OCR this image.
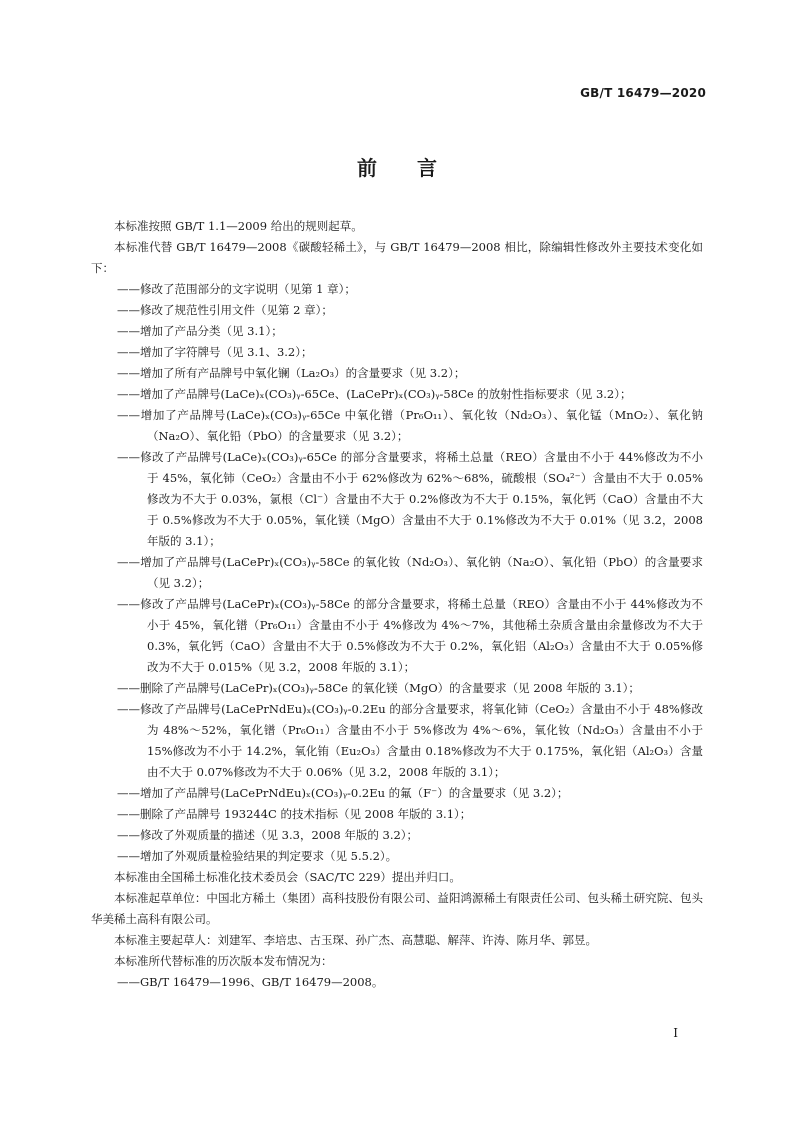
GB/T 16479—2020
前言

本标准按照 GB/T 1.1—2009 给出的规则起草。

本标准代替 GB/T 16479—2008《碳酸轻稀土》，与 GB/T 16479—2008 相比，除编辑性修改外主要技术变化如下：

——修改了范围部分的文字说明（见第 1 章）；

——修改了规范性引用文件（见第 2 章）；

——增加了产品分类（见 3.1）；

——增加了字符牌号（见 3.1、3.2）；

——增加了所有产品牌号中氧化镧（La₂O₃）的含量要求（见 3.2）；

——增加了产品牌号(LaCe)ₓ(CO₃)ᵧ-65Ce、(LaCePr)ₓ(CO₃)ᵧ-58Ce 的放射性指标要求（见 3.2）；

——增加了产品牌号(LaCe)ₓ(CO₃)ᵧ-65Ce 中氧化镨（Pr₆O₁₁）、氧化钕（Nd₂O₃）、氧化锰（MnO₂）、氧化钠（Na₂O）、氧化铅（PbO）的含量要求（见 3.2）；

——修改了产品牌号(LaCe)ₓ(CO₃)ᵧ-65Ce 的部分含量要求，将稀土总量（REO）含量由不小于 44%修改为不小于 45%，氧化铈（CeO₂）含量由不小于 62%修改为 62%～68%，硫酸根（SO₄²⁻）含量由不大于 0.05%修改为不大于 0.03%，氯根（Cl⁻）含量由不大于 0.2%修改为不大于 0.15%，氧化钙（CaO）含量由不大于 0.5%修改为不大于 0.05%，氧化镁（MgO）含量由不大于 0.1%修改为不大于 0.01%（见 3.2，2008 年版的 3.1）；

——增加了产品牌号(LaCePr)ₓ(CO₃)ᵧ-58Ce 的氧化钕（Nd₂O₃）、氧化钠（Na₂O）、氧化铅（PbO）的含量要求（见 3.2）；

——修改了产品牌号(LaCePr)ₓ(CO₃)ᵧ-58Ce 的部分含量要求，将稀土总量（REO）含量由不小于 44%修改为不小于 45%，氧化镨（Pr₆O₁₁）含量由不小于 4%修改为 4%～7%，其他稀土杂质含量由余量修改为不大于 0.3%，氧化钙（CaO）含量由不大于 0.5%修改为不大于 0.2%，氧化铝（Al₂O₃）含量由不大于 0.05%修改为不大于 0.015%（见 3.2，2008 年版的 3.1）；

——删除了产品牌号(LaCePr)ₓ(CO₃)ᵧ-58Ce 的氧化镁（MgO）的含量要求（见 2008 年版的 3.1）；

——修改了产品牌号(LaCePrNdEu)ₓ(CO₃)ᵧ-0.2Eu 的部分含量要求，将氧化铈（CeO₂）含量由不小于 48%修改为 48%～52%，氧化镨（Pr₆O₁₁）含量由不小于 5%修改为 4%～6%，氧化钕（Nd₂O₃）含量由不小于 15%修改为不小于 14.2%，氧化铕（Eu₂O₃）含量由 0.18%修改为不大于 0.175%，氧化铝（Al₂O₃）含量由不大于 0.07%修改为不大于 0.06%（见 3.2，2008 年版的 3.1）；

——增加了产品牌号(LaCePrNdEu)ₓ(CO₃)ᵧ-0.2Eu 的氟（F⁻）的含量要求（见 3.2）；

——删除了产品牌号 193244C 的技术指标（见 2008 年版的 3.1）；

——修改了外观质量的描述（见 3.3，2008 年版的 3.2）；

——增加了外观质量检验结果的判定要求（见 5.5.2）。

本标准由全国稀土标准化技术委员会（SAC/TC 229）提出并归口。

本标准起草单位：中国北方稀土（集团）高科技股份有限公司、益阳鸿源稀土有限责任公司、包头稀土研究院、包头华美稀土高科有限公司。

本标准主要起草人：刘建军、李培忠、古玉琛、孙广杰、高慧聪、解萍、许涛、陈月华、郭昱。

本标准所代替标准的历次版本发布情况为：

——GB/T 16479—1996、GB/T 16479—2008。

I
